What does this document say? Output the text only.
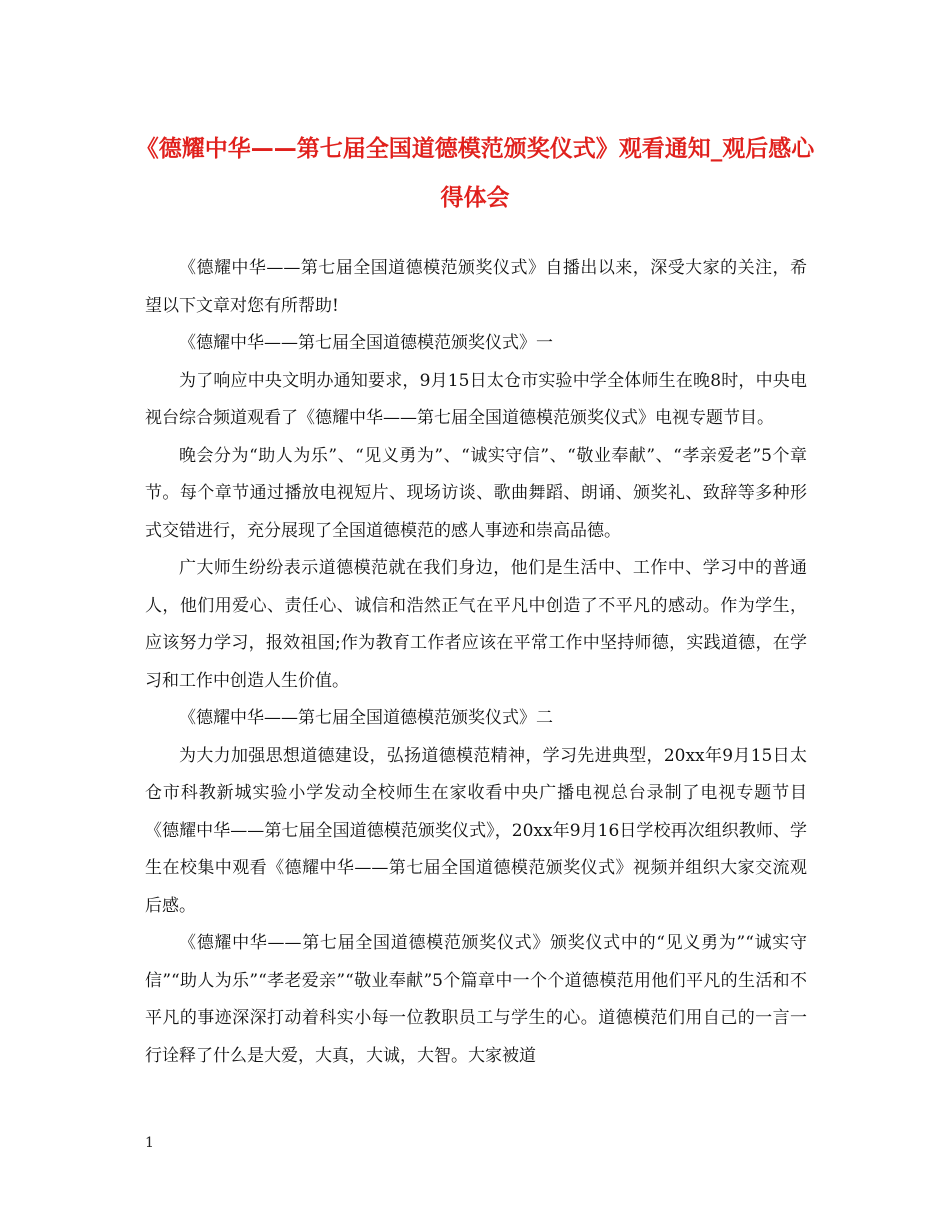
《德耀中华——第七届全国道德模范颁奖仪式》观看通知_观后感心得体会

《德耀中华——第七届全国道德模范颁奖仪式》自播出以来，深受大家的关注，希望以下文章对您有所帮助!

《德耀中华——第七届全国道德模范颁奖仪式》一

为了响应中央文明办通知要求，9月15日太仓市实验中学全体师生在晚8时，中央电视台综合频道观看了《德耀中华——第七届全国道德模范颁奖仪式》电视专题节目。

晚会分为“助人为乐”、“见义勇为”、“诚实守信”、“敬业奉献”、“孝亲爱老”5个章节。每个章节通过播放电视短片、现场访谈、歌曲舞蹈、朗诵、颁奖礼、致辞等多种形式交错进行，充分展现了全国道德模范的感人事迹和崇高品德。

广大师生纷纷表示道德模范就在我们身边，他们是生活中、工作中、学习中的普通人，他们用爱心、责任心、诚信和浩然正气在平凡中创造了不平凡的感动。作为学生，应该努力学习，报效祖国;作为教育工作者应该在平常工作中坚持师德，实践道德，在学习和工作中创造人生价值。

《德耀中华——第七届全国道德模范颁奖仪式》二

为大力加强思想道德建设，弘扬道德模范精神，学习先进典型，20xx年9月15日太仓市科教新城实验小学发动全校师生在家收看中央广播电视总台录制了电视专题节目《德耀中华——第七届全国道德模范颁奖仪式》，20xx年9月16日学校再次组织教师、学生在校集中观看《德耀中华——第七届全国道德模范颁奖仪式》视频并组织大家交流观后感。

《德耀中华——第七届全国道德模范颁奖仪式》颁奖仪式中的“见义勇为”“诚实守信”“助人为乐”“孝老爱亲”“敬业奉献”5个篇章中一个个道德模范用他们平凡的生活和不平凡的事迹深深打动着科实小每一位教职员工与学生的心。道德模范们用自己的一言一行诠释了什么是大爱，大真，大诚，大智。大家被道

1
